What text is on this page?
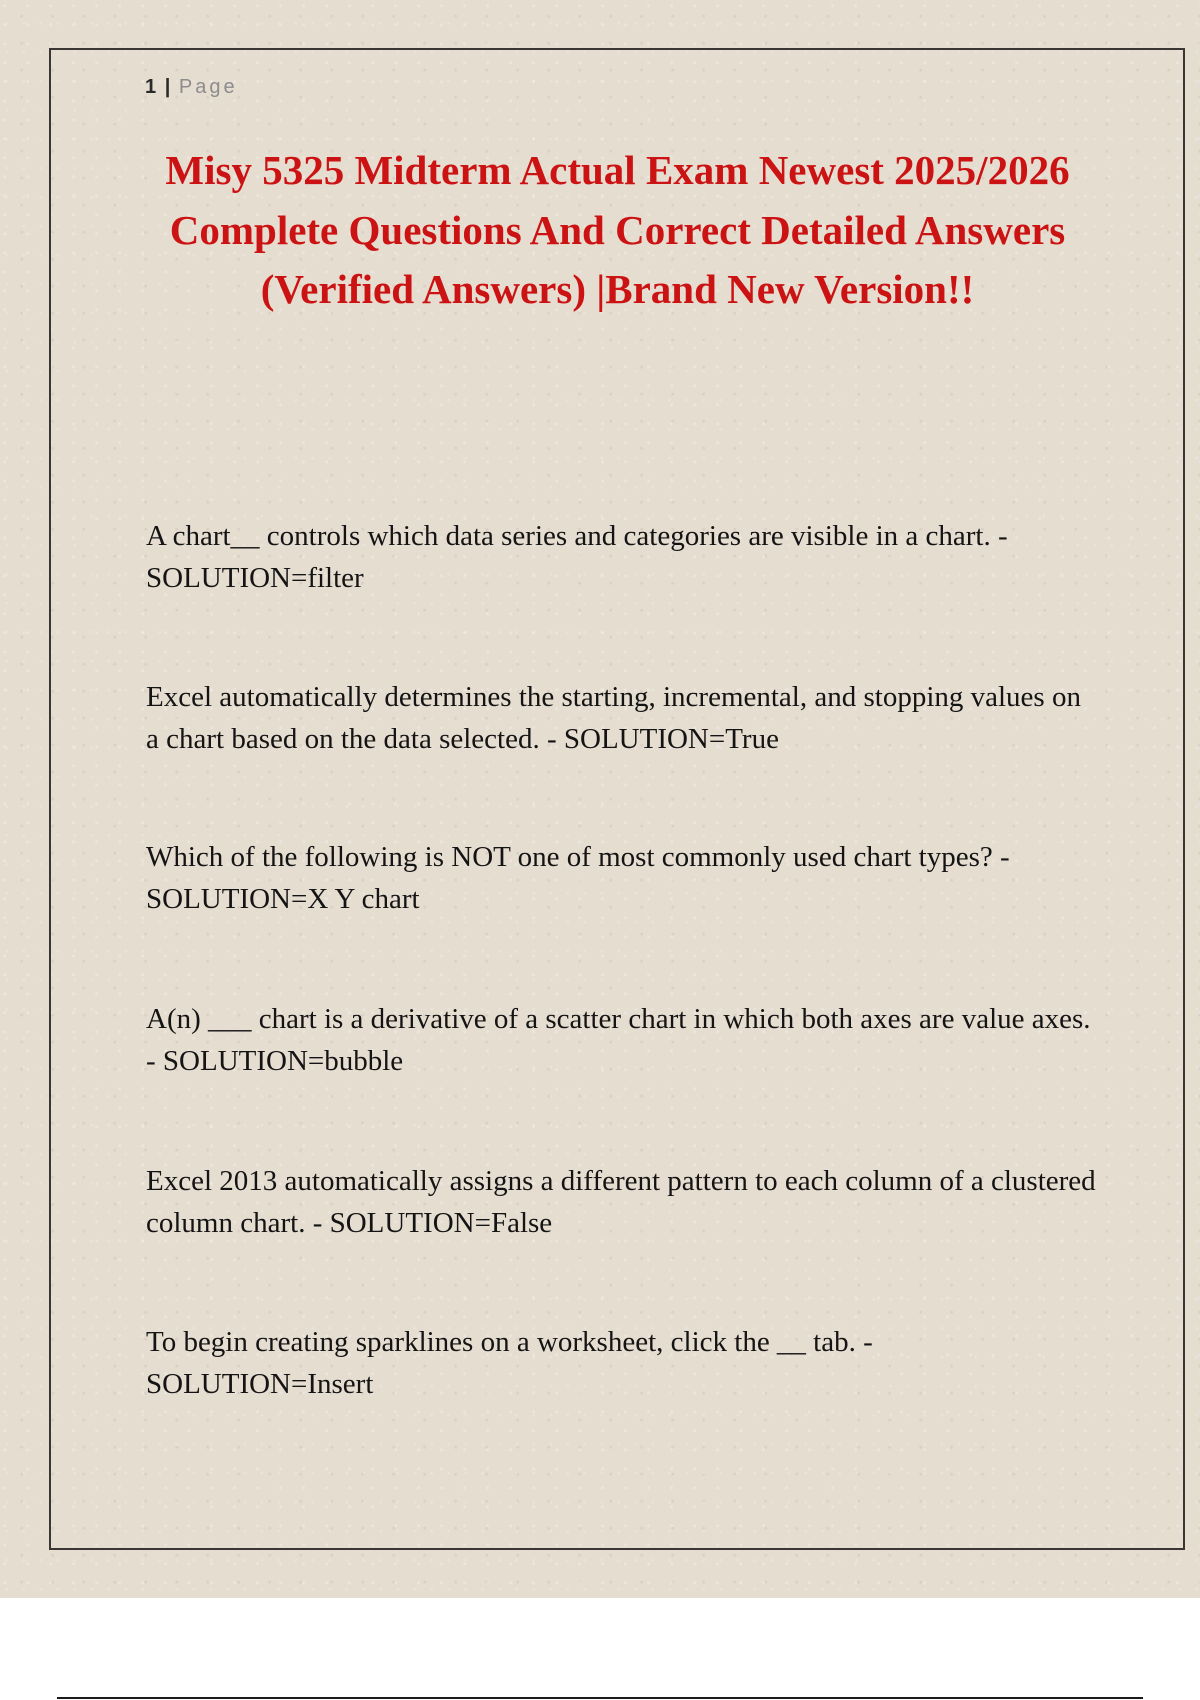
1 | Page
Misy 5325 Midterm Actual Exam Newest 2025/2026 Complete Questions And Correct Detailed Answers (Verified Answers) |Brand New Version!!

A chart__ controls which data series and categories are visible in a chart. - SOLUTION=filter

Excel automatically determines the starting, incremental, and stopping values on a chart based on the data selected. - SOLUTION=True

Which of the following is NOT one of most commonly used chart types? - SOLUTION=X Y chart

A(n) ___ chart is a derivative of a scatter chart in which both axes are value axes. - SOLUTION=bubble

Excel 2013 automatically assigns a different pattern to each column of a clustered column chart. - SOLUTION=False

To begin creating sparklines on a worksheet, click the __ tab. - SOLUTION=Insert
